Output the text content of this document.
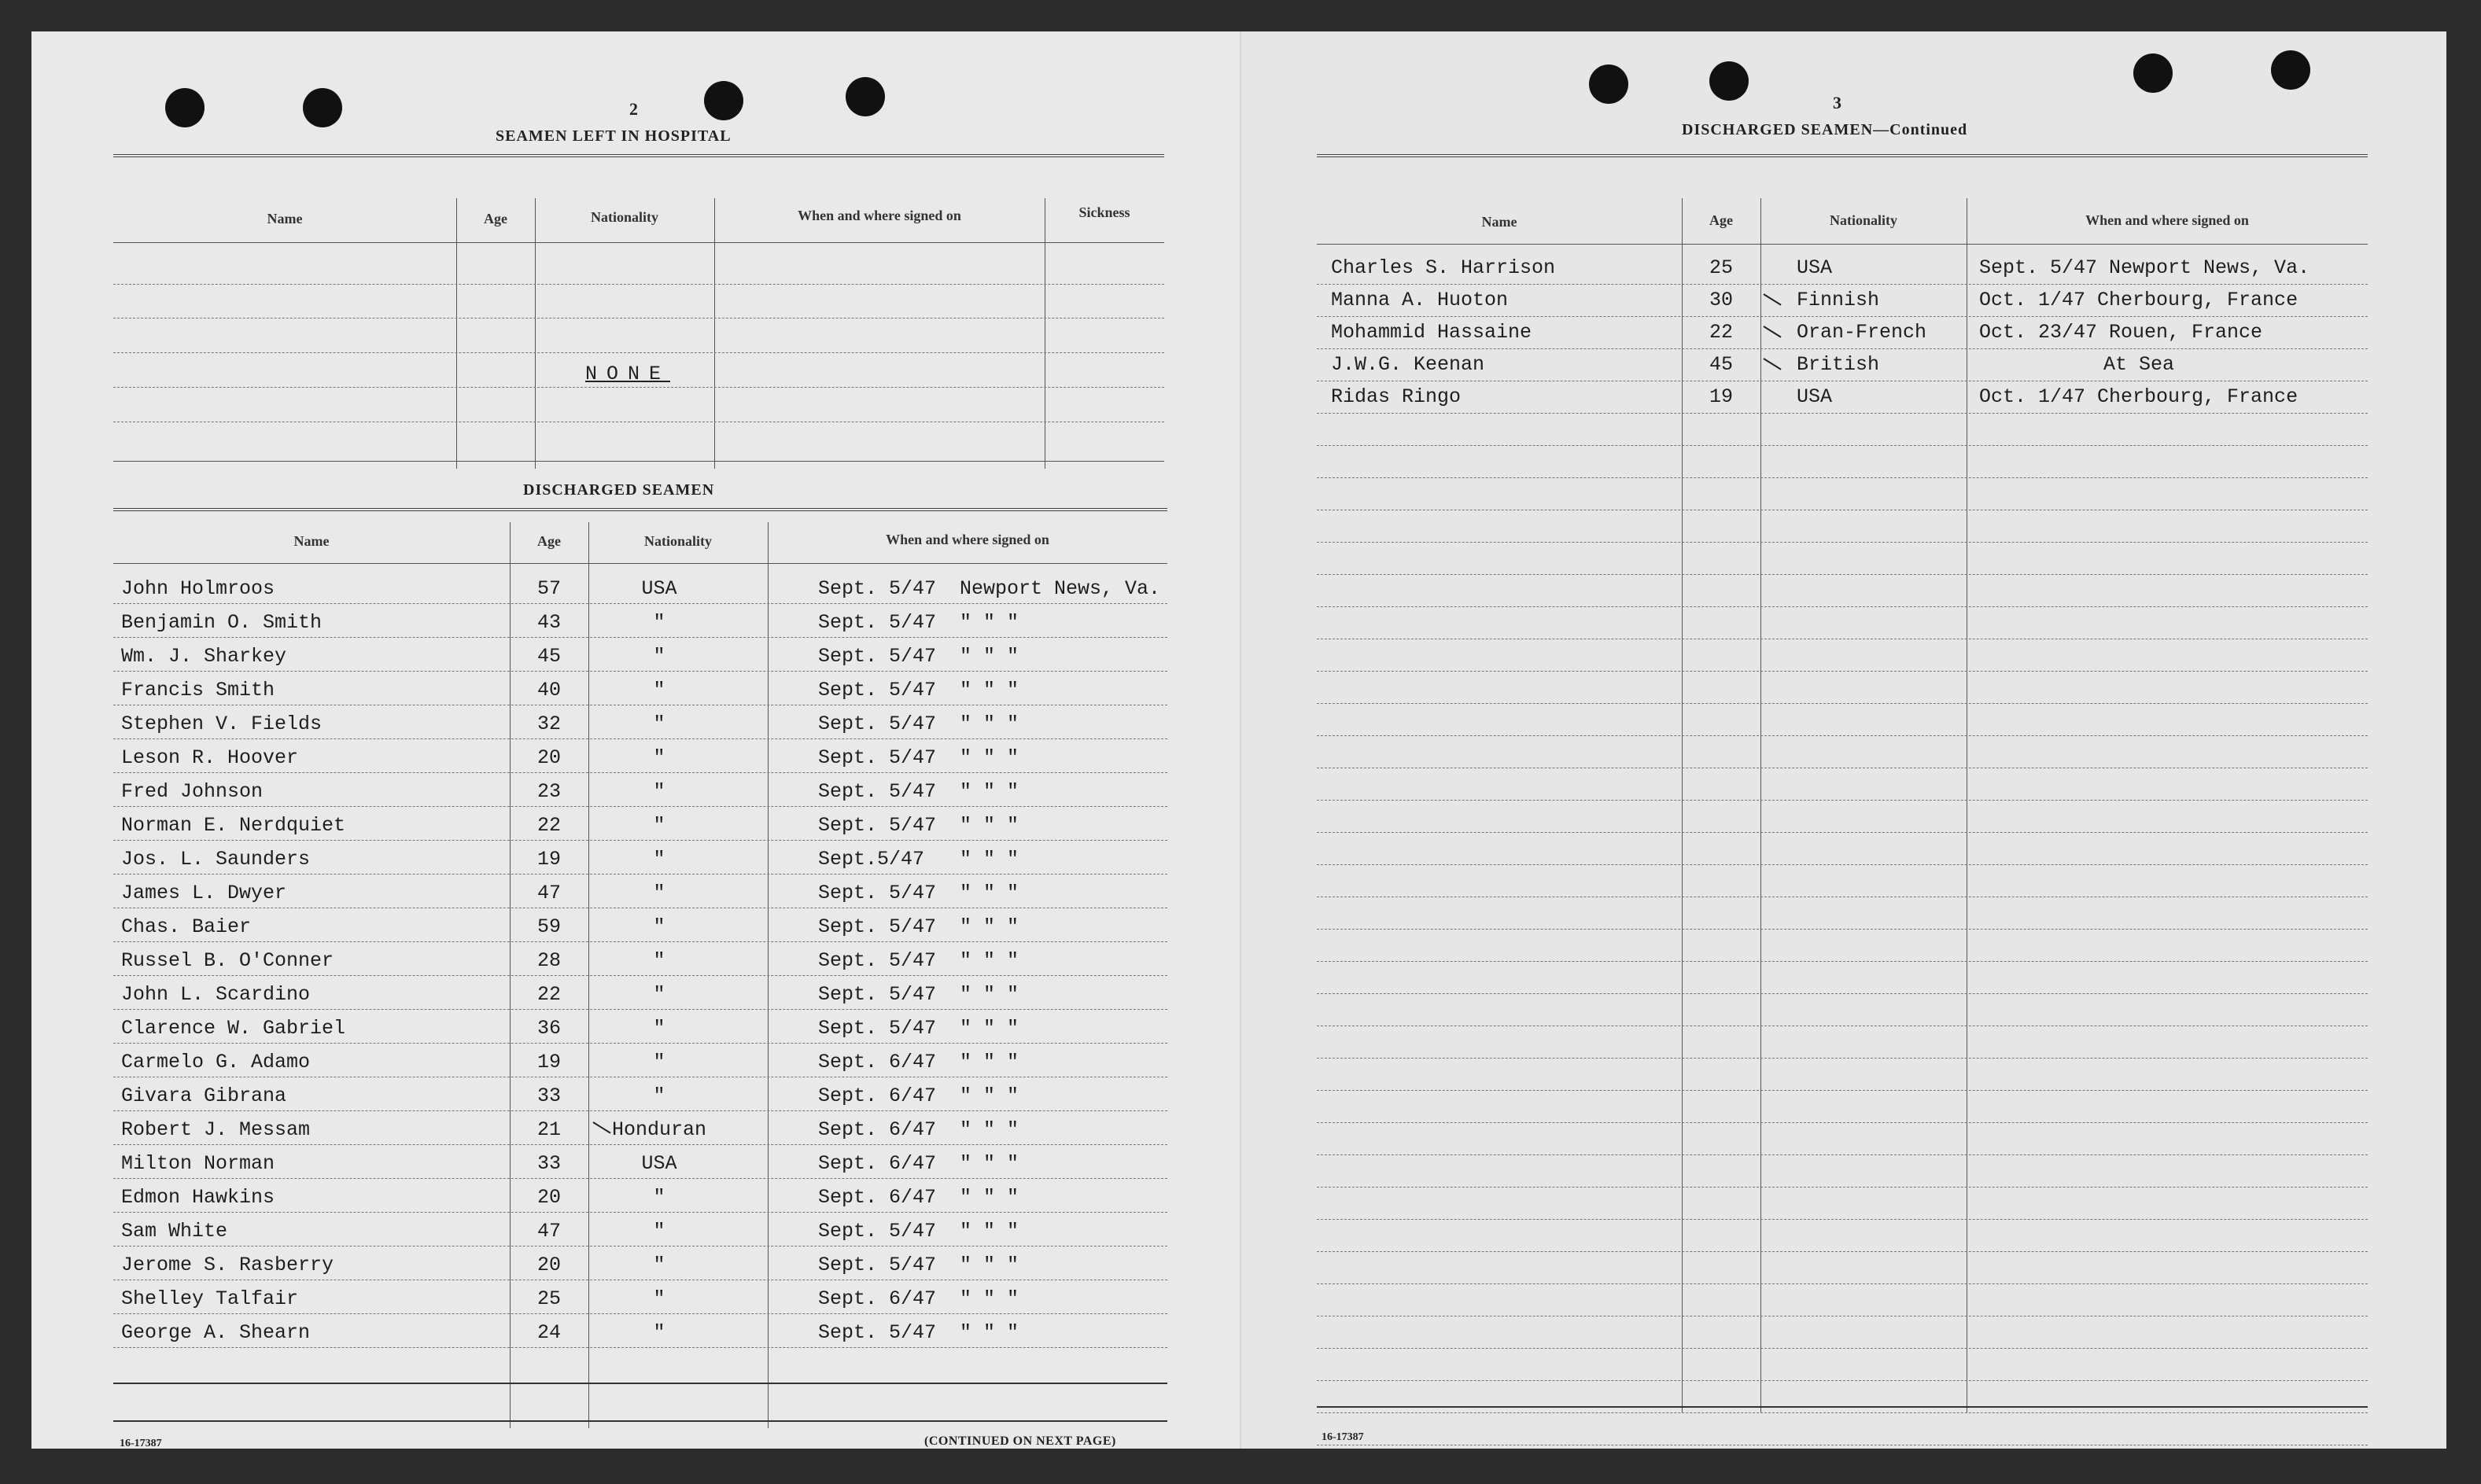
2
SEAMEN LEFT IN HOSPITAL
Name	Age	Nationality	When and where signed on	Sickness
NONE
DISCHARGED SEAMEN
Name	Age	Nationality	When and where signed on
John Holmroos	57	USA	Sept. 5/47 Newport News, Va.
Benjamin O. Smith	43	"	Sept. 5/47 " " "
Wm. J. Sharkey	45	"	Sept. 5/47 " " "
Francis Smith	40	"	Sept. 5/47 " " "
Stephen V. Fields	32	"	Sept. 5/47 " " "
Leson R. Hoover	20	"	Sept. 5/47 " " "
Fred Johnson	23	"	Sept. 5/47 " " "
Norman E. Nerdquiet	22	"	Sept. 5/47 " " "
Jos. L. Saunders	19	"	Sept.5/47 " " "
James L. Dwyer	47	"	Sept. 5/47 " " "
Chas. Baier	59	"	Sept. 5/47 " " "
Russel B. O'Conner	28	"	Sept. 5/47 " " "
John L. Scardino	22	"	Sept. 5/47 " " "
Clarence W. Gabriel	36	"	Sept. 5/47 " " "
Carmelo G. Adamo	19	"	Sept. 6/47 " " "
Givara Gibrana	33	"	Sept. 6/47 " " "
Robert J. Messam	21	Honduran	Sept. 6/47 " " "
Milton Norman	33	USA	Sept. 6/47 " " "
Edmon Hawkins	20	"	Sept. 6/47 " " "
Sam White	47	"	Sept. 5/47 " " "
Jerome S. Rasberry	20	"	Sept. 5/47 " " "
Shelley Talfair	25	"	Sept. 6/47 " " "
George A. Shearn	24	"	Sept. 5/47 " " "
16-17387	(CONTINUED ON NEXT PAGE)
3
DISCHARGED SEAMEN—Continued
Name	Age	Nationality	When and where signed on
Charles S. Harrison	25	USA	Sept. 5/47 Newport News, Va.
Manna A. Huoton	30	Finnish	Oct. 1/47 Cherbourg, France
Mohammid Hassaine	22	Oran-French	Oct. 23/47 Rouen, France
J.W.G. Keenan	45	British	At Sea
Ridas Ringo	19	USA	Oct. 1/47 Cherbourg, France
16-17387
